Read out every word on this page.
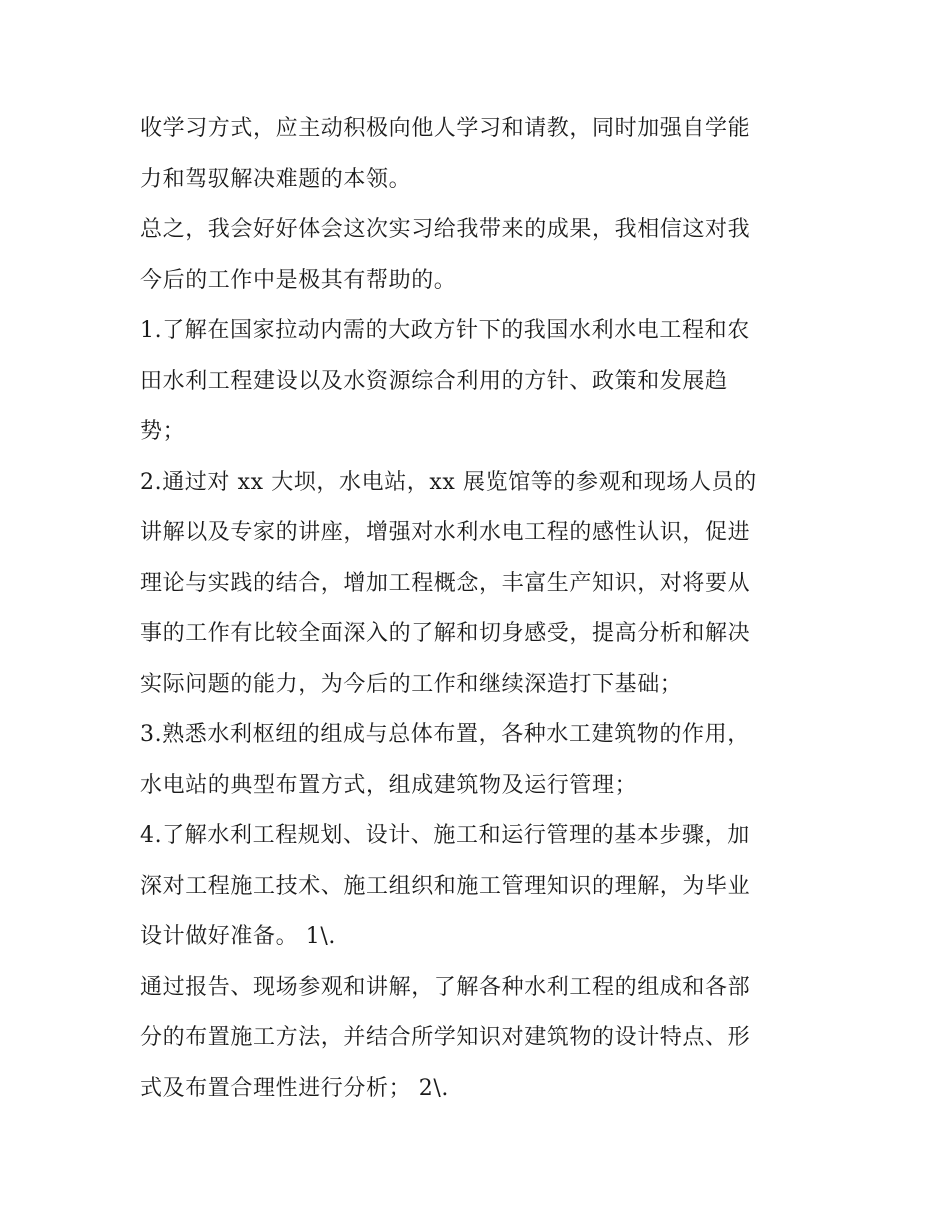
收学习方式，应主动积极向他人学习和请教，同时加强自学能
力和驾驭解决难题的本领。
总之，我会好好体会这次实习给我带来的成果，我相信这对我
今后的工作中是极其有帮助的。
1.了解在国家拉动内需的大政方针下的我国水利水电工程和农
田水利工程建设以及水资源综合利用的方针、政策和发展趋
势；
2.通过对 xx 大坝，水电站，xx 展览馆等的参观和现场人员的
讲解以及专家的讲座，增强对水利水电工程的感性认识，促进
理论与实践的结合，增加工程概念，丰富生产知识，对将要从
事的工作有比较全面深入的了解和切身感受，提高分析和解决
实际问题的能力，为今后的工作和继续深造打下基础；
3.熟悉水利枢纽的组成与总体布置，各种水工建筑物的作用，
水电站的典型布置方式，组成建筑物及运行管理；
4.了解水利工程规划、设计、施工和运行管理的基本步骤，加
深对工程施工技术、施工组织和施工管理知识的理解，为毕业
设计做好准备。 1\.
通过报告、现场参观和讲解，了解各种水利工程的组成和各部
分的布置施工方法，并结合所学知识对建筑物的设计特点、形
式及布置合理性进行分析； 2\.
